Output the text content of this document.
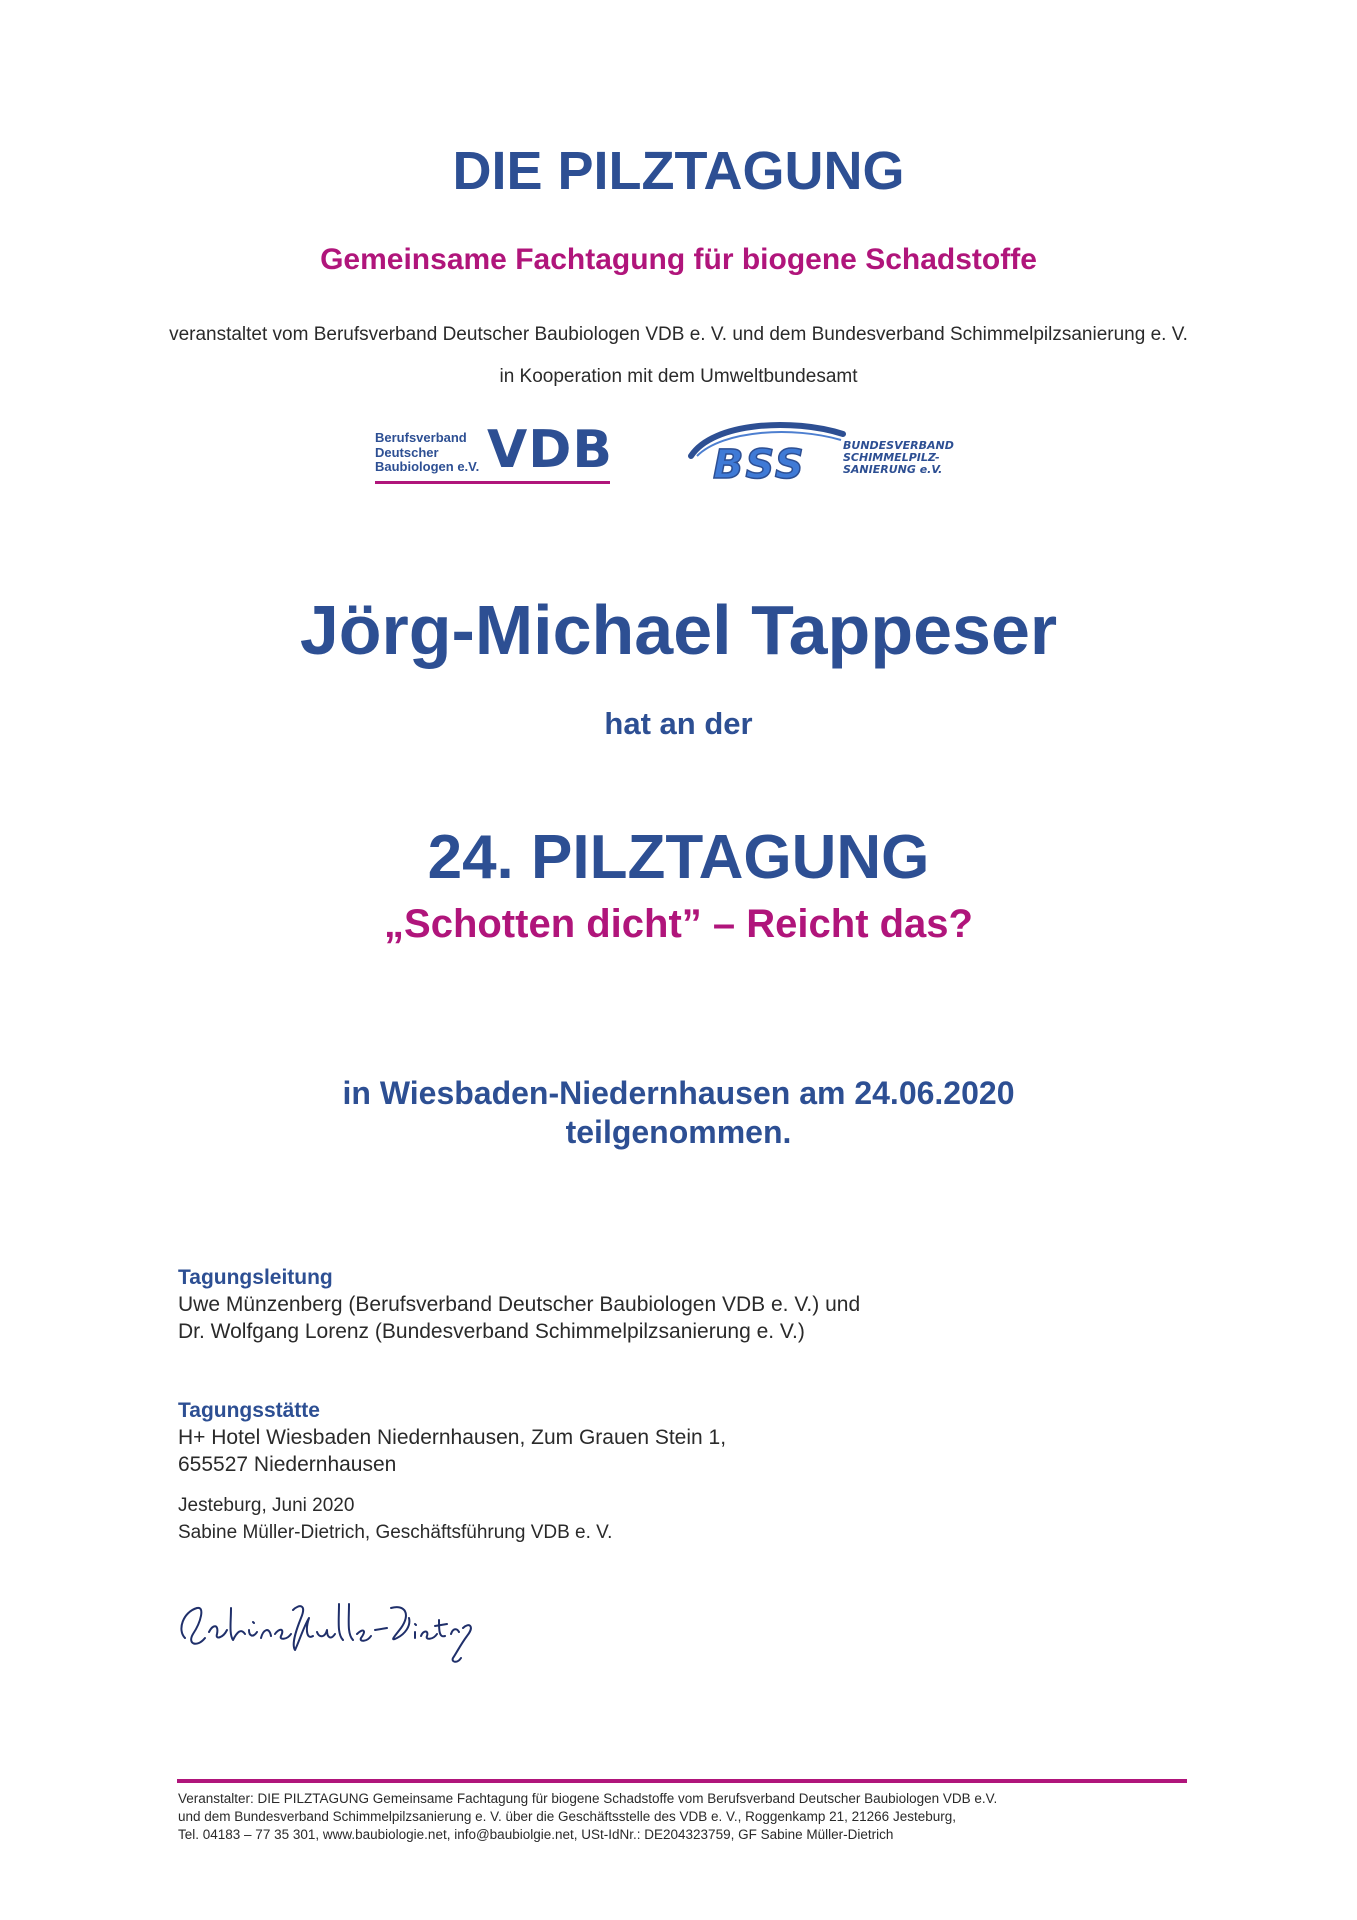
DIE PILZTAGUNG
Gemeinsame Fachtagung für biogene Schadstoffe
veranstaltet vom Berufsverband Deutscher Baubiologen VDB e. V. und dem Bundesverband Schimmelpilzsanierung e. V.
in Kooperation mit dem Umweltbundesamt
Berufsverband
Deutscher
Baubiologen e.V. VDB BSS	BUNDESVERBAND
SCHIMMELPILZ-
SANIERUNG e.V.
Jörg-Michael Tappeser
hat an der
24. PILZTAGUNG
„Schotten dicht” – Reicht das?
in Wiesbaden-Niedernhausen am 24.06.2020
teilgenommen.
Tagungsleitung
Uwe Münzenberg (Berufsverband Deutscher Baubiologen VDB e. V.) und
Dr. Wolfgang Lorenz (Bundesverband Schimmelpilzsanierung e. V.)
Tagungsstätte
H+ Hotel Wiesbaden Niedernhausen, Zum Grauen Stein 1,
655527 Niedernhausen
Jesteburg, Juni 2020
Sabine Müller-Dietrich, Geschäftsführung VDB e. V.
Veranstalter: DIE PILZTAGUNG Gemeinsame Fachtagung für biogene Schadstoffe vom Berufsverband Deutscher Baubiologen VDB e.V.
und dem Bundesverband Schimmelpilzsanierung e. V. über die Geschäftsstelle des VDB e. V., Roggenkamp 21, 21266 Jesteburg,
Tel. 04183 – 77 35 301, www.baubiologie.net, info@baubiolgie.net, USt-IdNr.: DE204323759, GF Sabine Müller-Dietrich
